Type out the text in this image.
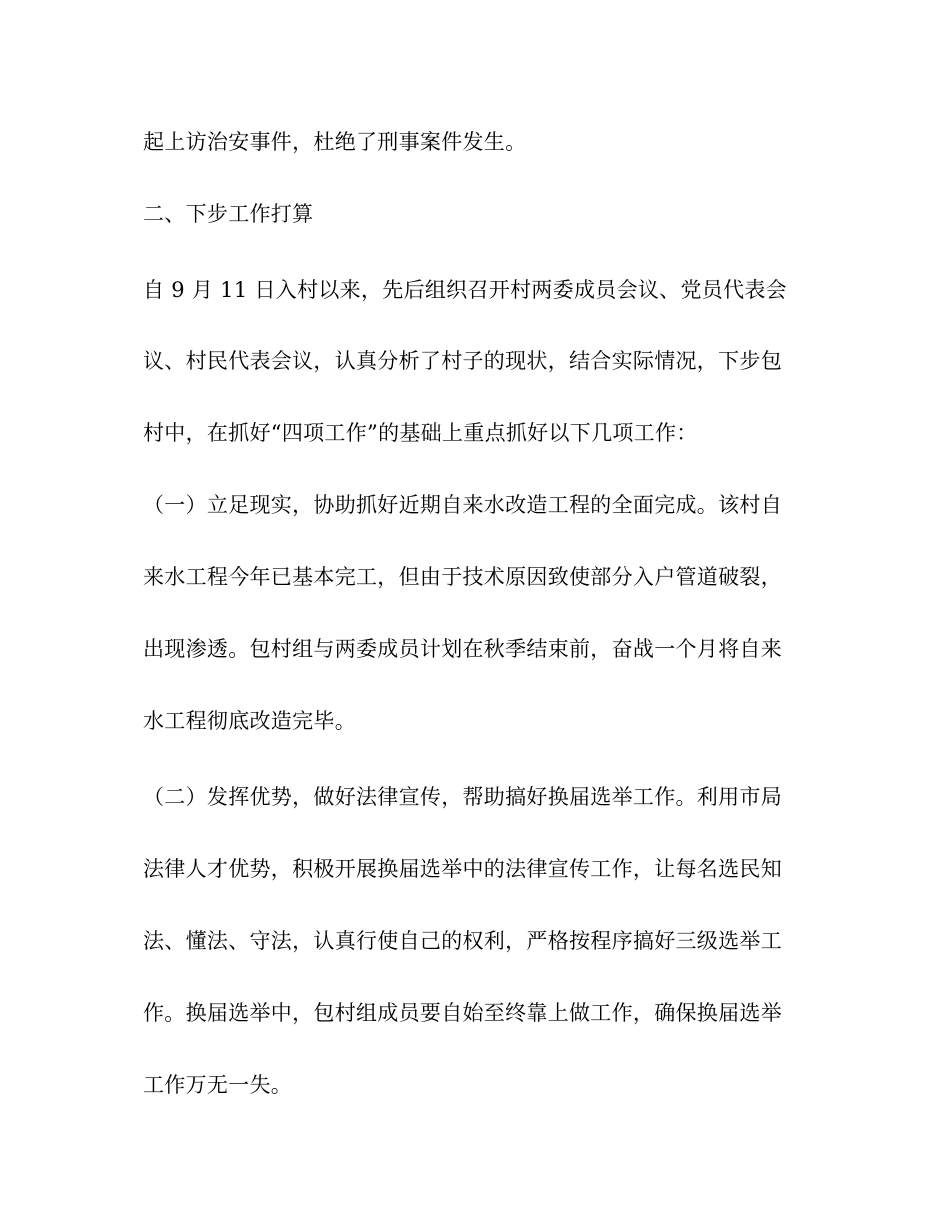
起上访治安事件，杜绝了刑事案件发生。
二、下步工作打算
自 9 月 11 日入村以来，先后组织召开村两委成员会议、党员代表会
议、村民代表会议，认真分析了村子的现状，结合实际情况，下步包
村中，在抓好“四项工作”的基础上重点抓好以下几项工作：
（一）立足现实，协助抓好近期自来水改造工程的全面完成。该村自
来水工程今年已基本完工，但由于技术原因致使部分入户管道破裂，
出现渗透。包村组与两委成员计划在秋季结束前，奋战一个月将自来
水工程彻底改造完毕。
（二）发挥优势，做好法律宣传，帮助搞好换届选举工作。利用市局
法律人才优势，积极开展换届选举中的法律宣传工作，让每名选民知
法、懂法、守法，认真行使自己的权利，严格按程序搞好三级选举工
作。换届选举中，包村组成员要自始至终靠上做工作，确保换届选举
工作万无一失。
